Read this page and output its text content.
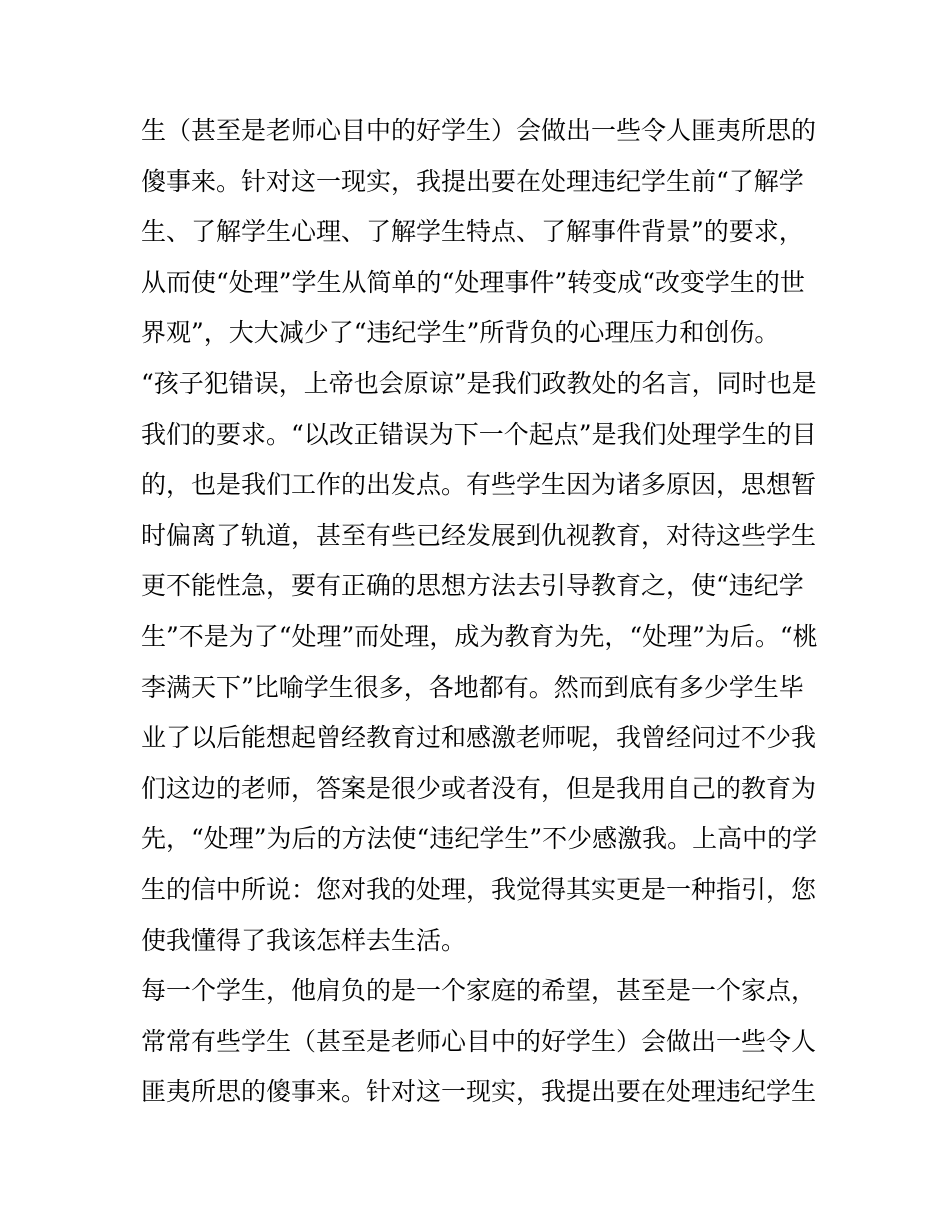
生（甚至是老师心目中的好学生）会做出一些令人匪夷所思的
傻事来。针对这一现实，我提出要在处理违纪学生前“了解学
生、了解学生心理、了解学生特点、了解事件背景”的要求，
从而使“处理”学生从简单的“处理事件”转变成“改变学生的世
界观”，大大减少了“违纪学生”所背负的心理压力和创伤。
“孩子犯错误，上帝也会原谅”是我们政教处的名言，同时也是
我们的要求。“以改正错误为下一个起点”是我们处理学生的目
的，也是我们工作的出发点。有些学生因为诸多原因，思想暂
时偏离了轨道，甚至有些已经发展到仇视教育，对待这些学生
更不能性急，要有正确的思想方法去引导教育之，使“违纪学
生”不是为了“处理”而处理，成为教育为先，“处理”为后。“桃
李满天下”比喻学生很多，各地都有。然而到底有多少学生毕
业了以后能想起曾经教育过和感激老师呢，我曾经问过不少我
们这边的老师，答案是很少或者没有，但是我用自己的教育为
先，“处理”为后的方法使“违纪学生”不少感激我。上高中的学
生的信中所说：您对我的处理，我觉得其实更是一种指引，您
使我懂得了我该怎样去生活。
每一个学生，他肩负的是一个家庭的希望，甚至是一个家点，
常常有些学生（甚至是老师心目中的好学生）会做出一些令人
匪夷所思的傻事来。针对这一现实，我提出要在处理违纪学生
